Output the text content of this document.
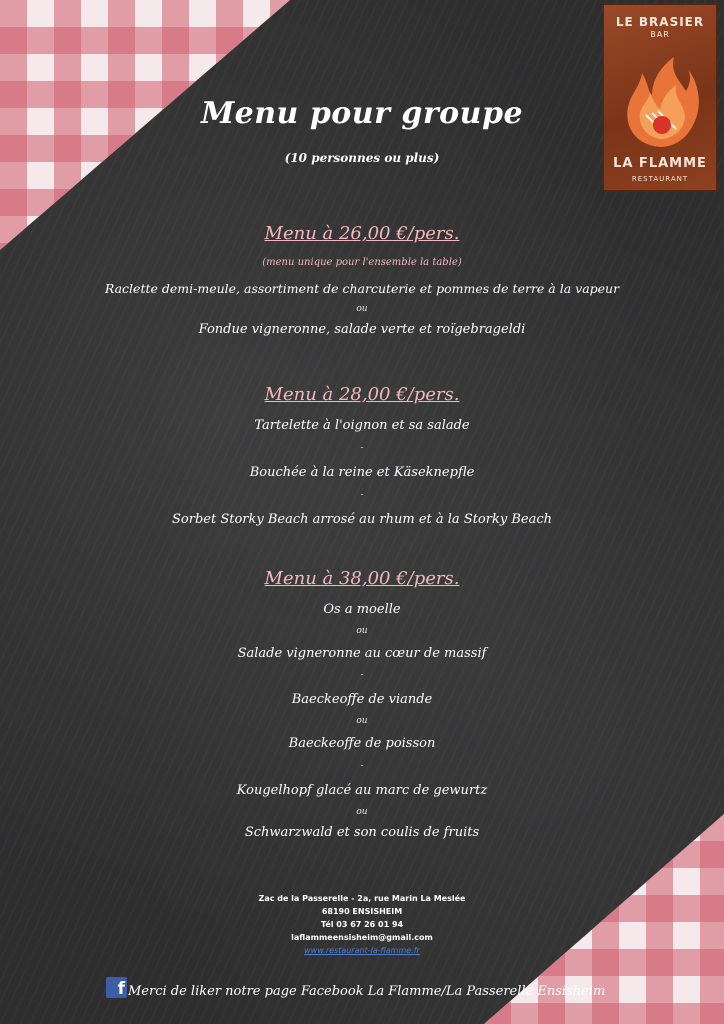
LE BRASIER
BAR
LA FLAMME
RESTAURANT
Menu pour groupe
(10 personnes ou plus)
Menu à 26,00 €/pers.
(menu unique pour l'ensemble la table)
Raclette demi-meule, assortiment de charcuterie et pommes de terre à la vapeur
ou
Fondue vigneronne, salade verte et roïgebrageldi
Menu à 28,00 €/pers.
Tartelette à l'oignon et sa salade
-
Bouchée à la reine et Käseknepfle
-
Sorbet Storky Beach arrosé au rhum et à la Storky Beach
Menu à 38,00 €/pers.
Os a moelle
ou
Salade vigneronne au cœur de massif
-
Baeckeoffe de viande
ou
Baeckeoffe de poisson
-
Kougelhopf glacé au marc de gewurtz
ou
Schwarzwald et son coulis de fruits
Zac de la Passerelle - 2a, rue Marin La Meslée
68190 ENSISHEIM
Tél 03 67 26 01 94
laflammeensisheim@gmail.com
www.restaurant-la-flamme.fr
f Merci de liker notre page Facebook La Flamme/La Passerelle Ensisheim
